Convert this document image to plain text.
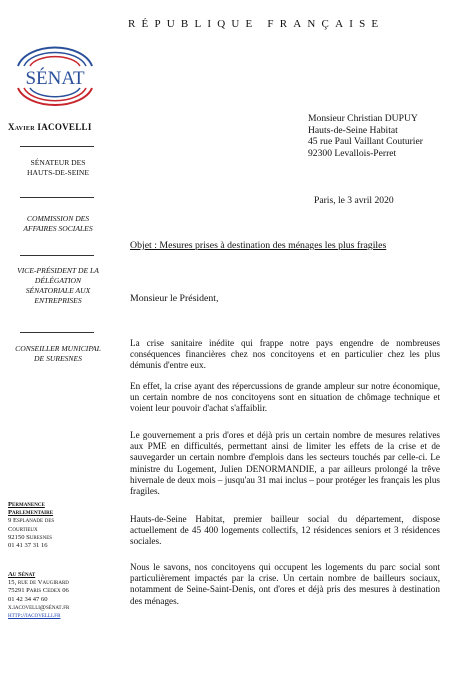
RÉPUBLIQUE FRANÇAISE
SÉNAT
Xavier IACOVELLI
SÉNATEUR DES
HAUTS-DE-SEINE
COMMISSION DES
AFFAIRES SOCIALES
VICE-PRÉSIDENT DE LA
DÉLÉGATION
SÉNATORIALE AUX
ENTREPRISES
CONSEILLER MUNICIPAL
DE SURESNES
Permanence
Parlementaire
9 Esplanade des
Courtieux
92150 Suresnes
01 41 37 31 16
Au Sénat
15, rue de Vaugirard
75291 Paris Cedex 06
01 42 34 47 60
x.iacovelli@sénat.fr
http://iacovelli.fr
Monsieur Christian DUPUY
Hauts-de-Seine Habitat
45 rue Paul Vaillant Couturier
92300 Levallois-Perret
Paris, le 3 avril 2020
Objet : Mesures prises à destination des ménages les plus fragiles
Monsieur le Président,
La crise sanitaire inédite qui frappe notre pays engendre de nombreuses conséquences financières chez nos concitoyens et en particulier chez les plus démunis d'entre eux.
En effet, la crise ayant des répercussions de grande ampleur sur notre économique, un certain nombre de nos concitoyens sont en situation de chômage technique et voient leur pouvoir d'achat s'affaiblir.
Le gouvernement a pris d'ores et déjà pris un certain nombre de mesures relatives aux PME en difficultés, permettant ainsi de limiter les effets de la crise et de sauvegarder un certain nombre d'emplois dans les secteurs touchés par celle-ci. Le ministre du Logement, Julien DENORMANDIE, a par ailleurs prolongé la trêve hivernale de deux mois – jusqu'au 31 mai inclus – pour protéger les français les plus fragiles.
Hauts-de-Seine Habitat, premier bailleur social du département, dispose actuellement de 45 400 logements collectifs, 12 résidences seniors et 3 résidences sociales.
Nous le savons, nos concitoyens qui occupent les logements du parc social sont particulièrement impactés par la crise. Un certain nombre de bailleurs sociaux, notamment de Seine-Saint-Denis, ont d'ores et déjà pris des mesures à destination des ménages.
